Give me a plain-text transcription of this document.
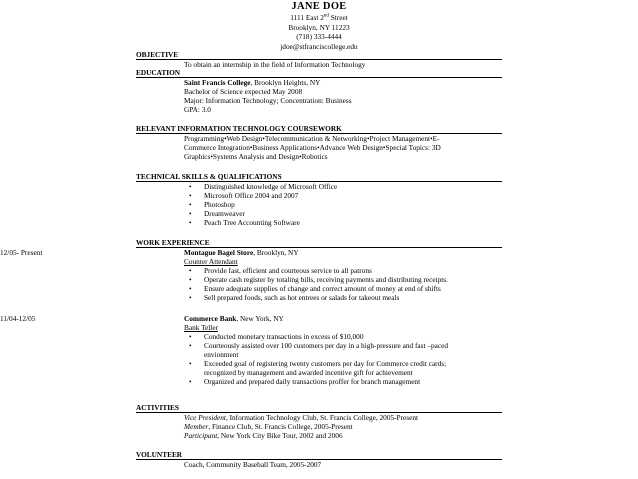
JANE DOE
1111 East 2nd Street
Brooklyn, NY 11223
(718) 333-4444
jdoe@stfranciscollege.edu
OBJECTIVE
To obtain an internship in the field of Information Technology
EDUCATION
Saint Francis College, Brooklyn Heights, NY
Bachelor of Science expected May 2008
Major: Information Technology; Concentration: Business
GPA: 3.0
RELEVANT INFORMATION TECHNOLOGY COURSEWORK
Programming•Web Design•Telecommunication & Networking•Project Management•E-
Commerce Integration•Business Applications•Advance Web Design•Special Topics: 3D
Graphics•Systems Analysis and Design•Robotics
TECHNICAL SKILLS & QUALIFICATIONS
• Distinguished knowledge of Microsoft Office
• Microsoft Office 2004 and 2007
• Photoshop
• Dreamweaver
• Peach Tree Accounting Software
WORK EXPERIENCE
12/05- Present	Montague Bagel Store, Brooklyn, NY
Counter Attendant
• Provide fast, efficient and courteous service to all patrons
• Operate cash register by totaling bills, receiving payments and distributing receipts.
• Ensure adequate supplies of change and correct amount of money at end of shifts
• Sell prepared foods, such as hot entrees or salads for takeout meals
11/04-12/05	Commerce Bank, New York, NY
Bank Teller
• Conducted monetary transactions in excess of $10,000
• Courteously assisted over 100 customers per day in a high-pressure and fast –paced envionment
• Exceeded goal of registering twenty customers per day for Commerce credit cards; recognized by management and awarded incentive gift for achievement
• Organized and prepared daily transactions proffer for branch management
ACTIVITIES
Vice President, Information Technology Club, St. Francis College, 2005-Present
Member, Finance Club, St. Francis College, 2005-Present
Participant, New York City Bike Tour, 2002 and 2006
VOLUNTEER
Coach, Community Baseball Team, 2005-2007
